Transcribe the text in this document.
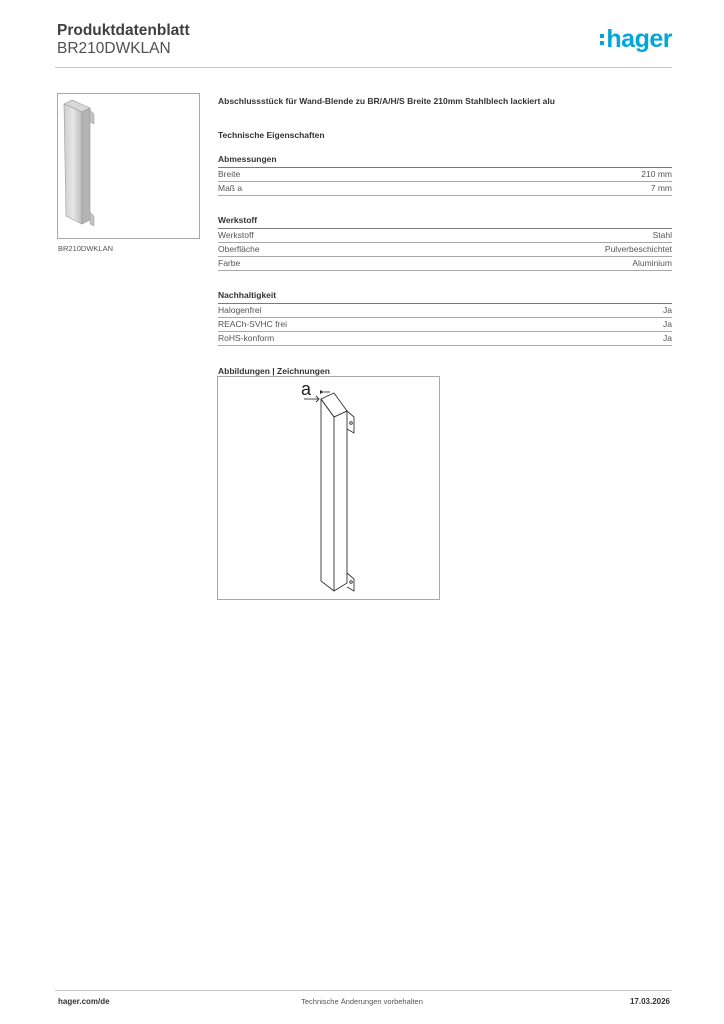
Produktdatenblatt
BR210DWKLAN	hager
BR210DWKLAN

Abschlussstück für Wand-Blende zu BR/A/H/S Breite 210mm Stahlblech lackiert alu

Technische Eigenschaften
Abmessungen
Breite	210 mm
Maß a	7 mm
Werkstoff
Werkstoff	Stahl
Oberfläche	Pulverbeschichtet
Farbe	Aluminium
Nachhaltigkeit
Halogenfrei	Ja
REACh-SVHC frei	Ja
RoHS-konform	Ja
Abbildungen | Zeichnungen
a
hager.com/de	Technische Änderungen vorbehalten	17.03.2026
